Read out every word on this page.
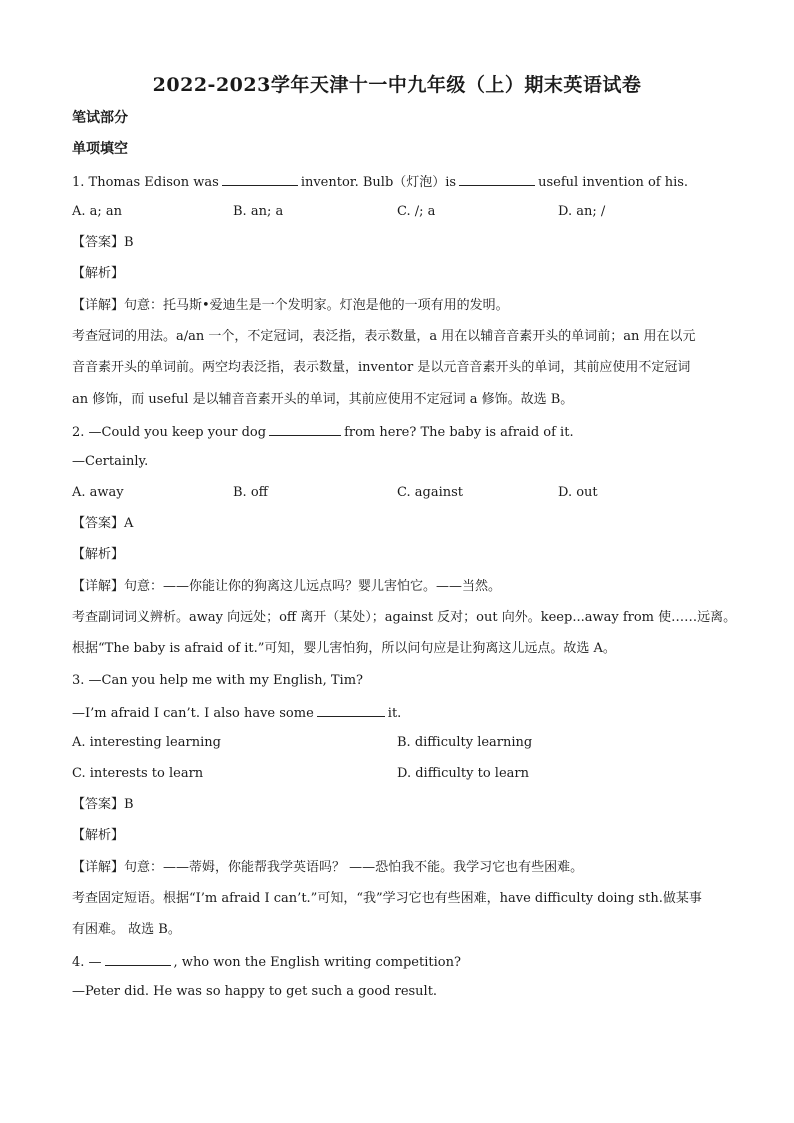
2022-2023学年天津十一中九年级（上）期末英语试卷
笔试部分
单项填空
1. Thomas Edison was	inventor. Bulb（灯泡）is	useful invention of his.
A. a; an	B. an; a	C. /; a	D. an; /
【答案】B
【解析】
【详解】句意：托马斯•爱迪生是一个发明家。灯泡是他的一项有用的发明。
考查冠词的用法。a/an 一个，不定冠词，表泛指，表示数量，a 用在以辅音音素开头的单词前；an 用在以元
音音素开头的单词前。两空均表泛指，表示数量，inventor 是以元音音素开头的单词，其前应使用不定冠词
an 修饰，而 useful 是以辅音音素开头的单词，其前应使用不定冠词 a 修饰。故选 B。
2. —Could you keep your dog	from here? The baby is afraid of it.
—Certainly.
A. away	B. off	C. against	D. out
【答案】A
【解析】
【详解】句意：——你能让你的狗离这儿远点吗？婴儿害怕它。——当然。
考查副词词义辨析。away 向远处；off 离开（某处）；against 反对；out 向外。keep...away from 使……远离。
根据“The baby is afraid of it.”可知，婴儿害怕狗，所以问句应是让狗离这儿远点。故选 A。
3. —Can you help me with my English, Tim?
—I’m afraid I can’t. I also have some	it.
A. interesting learning	B. difficulty learning
C. interests to learn	D. difficulty to learn
【答案】B
【解析】
【详解】句意：——蒂姆，你能帮我学英语吗？ ——恐怕我不能。我学习它也有些困难。
考查固定短语。根据“I’m afraid I can’t.”可知，“我”学习它也有些困难，have difficulty doing sth.做某事
有困难。 故选 B。
4. —	, who won the English writing competition?
—Peter did. He was so happy to get such a good result.
